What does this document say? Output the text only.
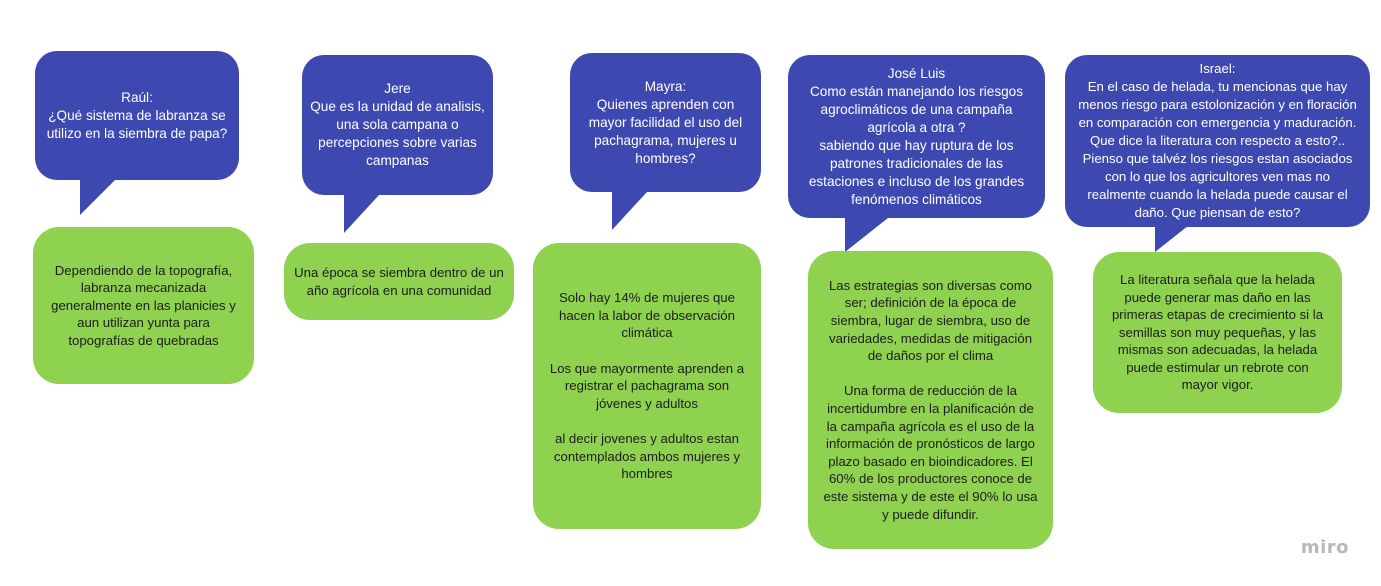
Raúl:
¿Qué sistema de labranza se
utilizo en la siembra de papa?
Jere
Que es la unidad de analisis,
una sola campana o
percepciones sobre varias
campanas
Mayra:
Quienes aprenden con
mayor facilidad el uso del
pachagrama, mujeres u
hombres?
José Luis
Como están manejando los riesgos
agroclimáticos de una campaña
agrícola a otra ?
sabiendo que hay ruptura de los
patrones tradicionales de las
estaciones e incluso de los grandes
fenómenos climáticos
Israel:
En el caso de helada, tu mencionas que hay
menos riesgo para estolonización y en floración
en comparación con emergencia y maduración.
Que dice la literatura con respecto a esto?..
Pienso que talvéz los riesgos estan asociados
con lo que los agricultores ven mas no
realmente cuando la helada puede causar el
daño. Que piensan de esto?
Dependiendo de la topografía,
labranza mecanizada
generalmente en las planicies y
aun utilizan yunta para
topografías de quebradas
Una época se siembra dentro de un
año agrícola en una comunidad
Solo hay 14% de mujeres que
hacen la labor de observación
climática
Los que mayormente aprenden a
registrar el pachagrama son
jóvenes y adultos
al decir jovenes y adultos estan
contemplados ambos mujeres y
hombres
Las estrategias son diversas como
ser; definición de la época de
siembra, lugar de siembra, uso de
variedades, medidas de mitigación
de daños por el clima
Una forma de reducción de la
incertidumbre en la planificación de
la campaña agrícola es el uso de la
información de pronósticos de largo
plazo basado en bioindicadores. El
60% de los productores conoce de
este sistema y de este el 90% lo usa
y puede difundir.
La literatura señala que la helada
puede generar mas daño en las
primeras etapas de crecimiento si la
semillas son muy pequeñas, y las
mismas son adecuadas, la helada
puede estimular un rebrote con
mayor vigor.
miro
